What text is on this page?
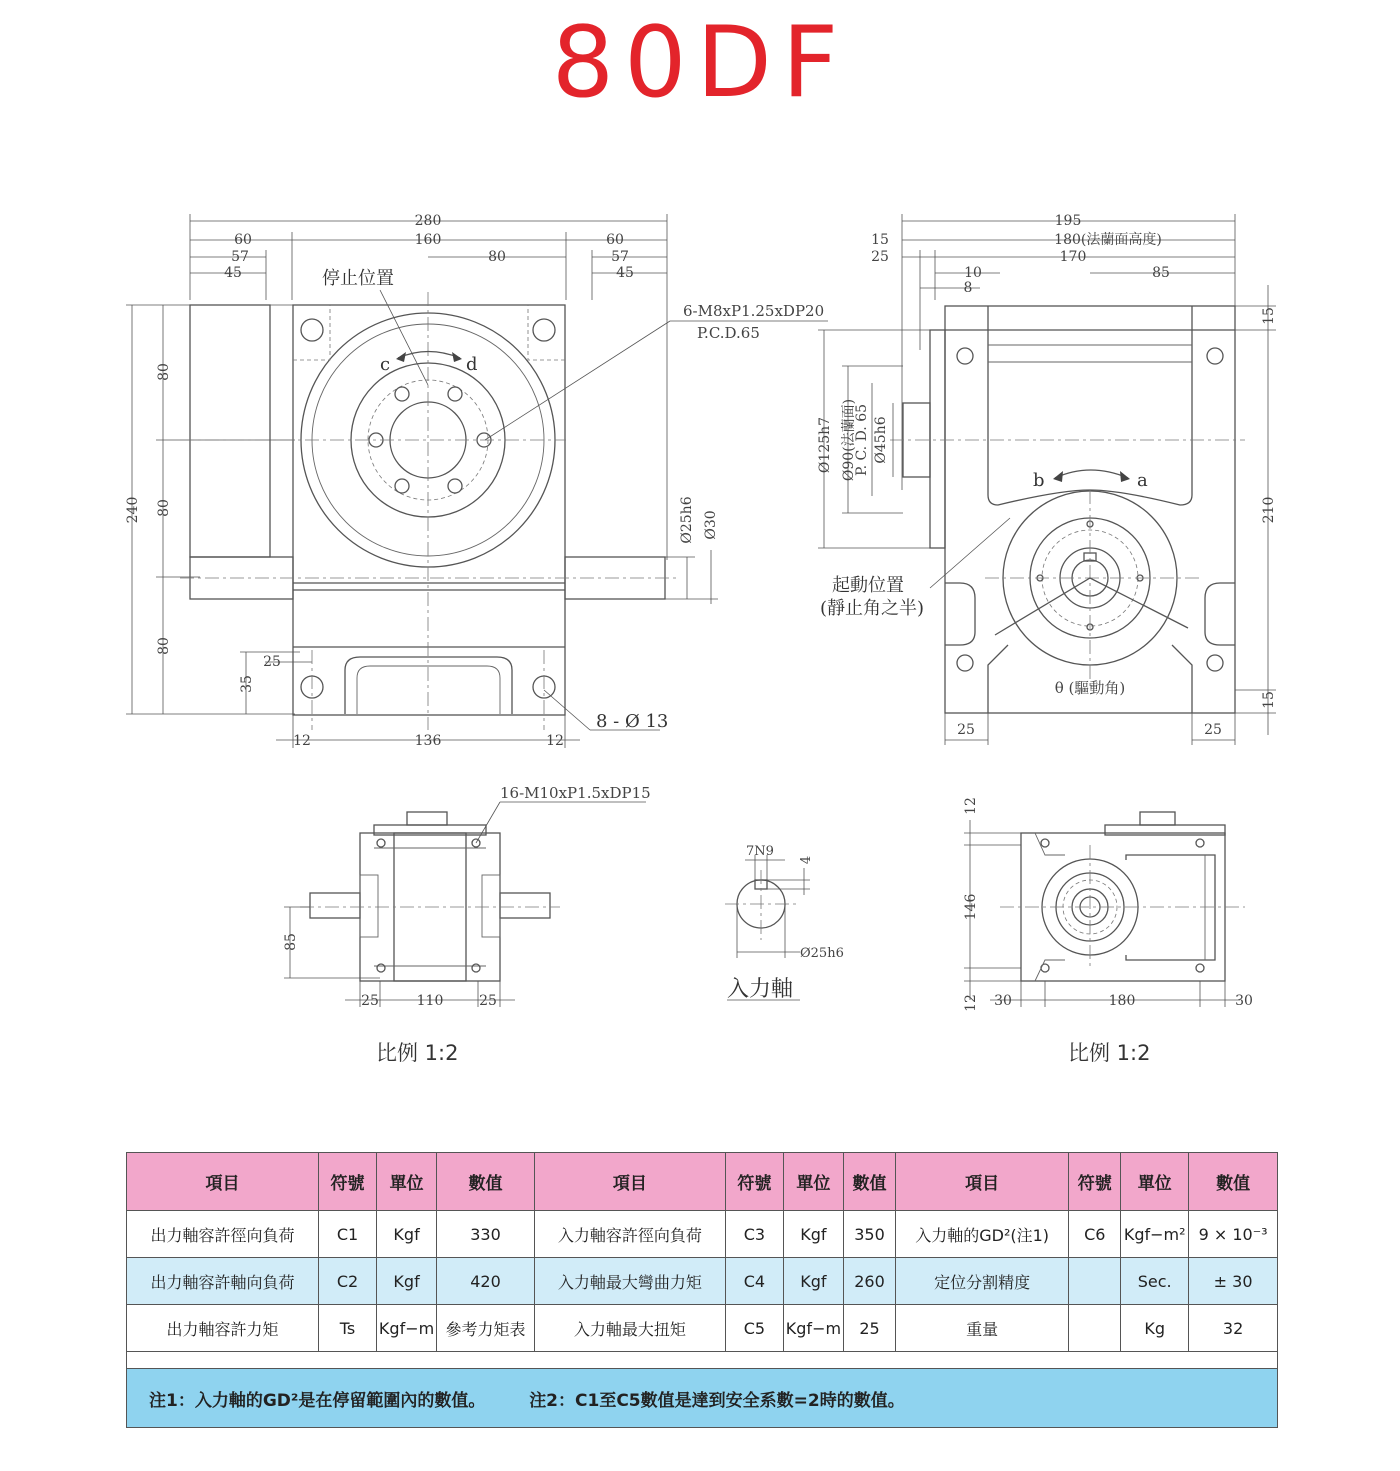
80DF
280
60	160	60
57	80	57
45	45
240
80
80
80
35
25
c	d
停止位置
6-M8xP1.25xDP20
P.C.D.65
Ø25h6 Ø30
12	136	12
8 - Ø 13
195
15	180(法蘭面高度)
25	170
10
8
85
b	a
θ (驅動角)
起動位置
(靜止角之半)
Ø125h7 Ø90(法蘭面)
P. C. D. 65 Ø45h6
15
210
15
25	25
16-M10xP1.5xDP15
85
25	110	25
7N9
4
Ø25h6
入力軸
12
146
12 30	180	30
比例 1:2	比例 1:2
項目	符號	單位	數值	項目	符號	單位	數值	項目	符號	單位	數值
出力軸容許徑向負荷	C1	Kgf	330	入力軸容許徑向負荷	C3	Kgf	350	入力軸的GD²(注1)	C6	Kgf−m²	9 × 10⁻³
出力軸容許軸向負荷	C2	Kgf	420	入力軸最大彎曲力矩	C4	Kgf	260	定位分割精度		Sec.	± 30
出力軸容許力矩	Ts	Kgf−m	參考力矩表	入力軸最大扭矩	C5	Kgf−m	25	重量		Kg	32

注1：入力軸的GD²是在停留範圍內的數值。 注2：C1至C5數值是達到安全系數=2時的數值。											
